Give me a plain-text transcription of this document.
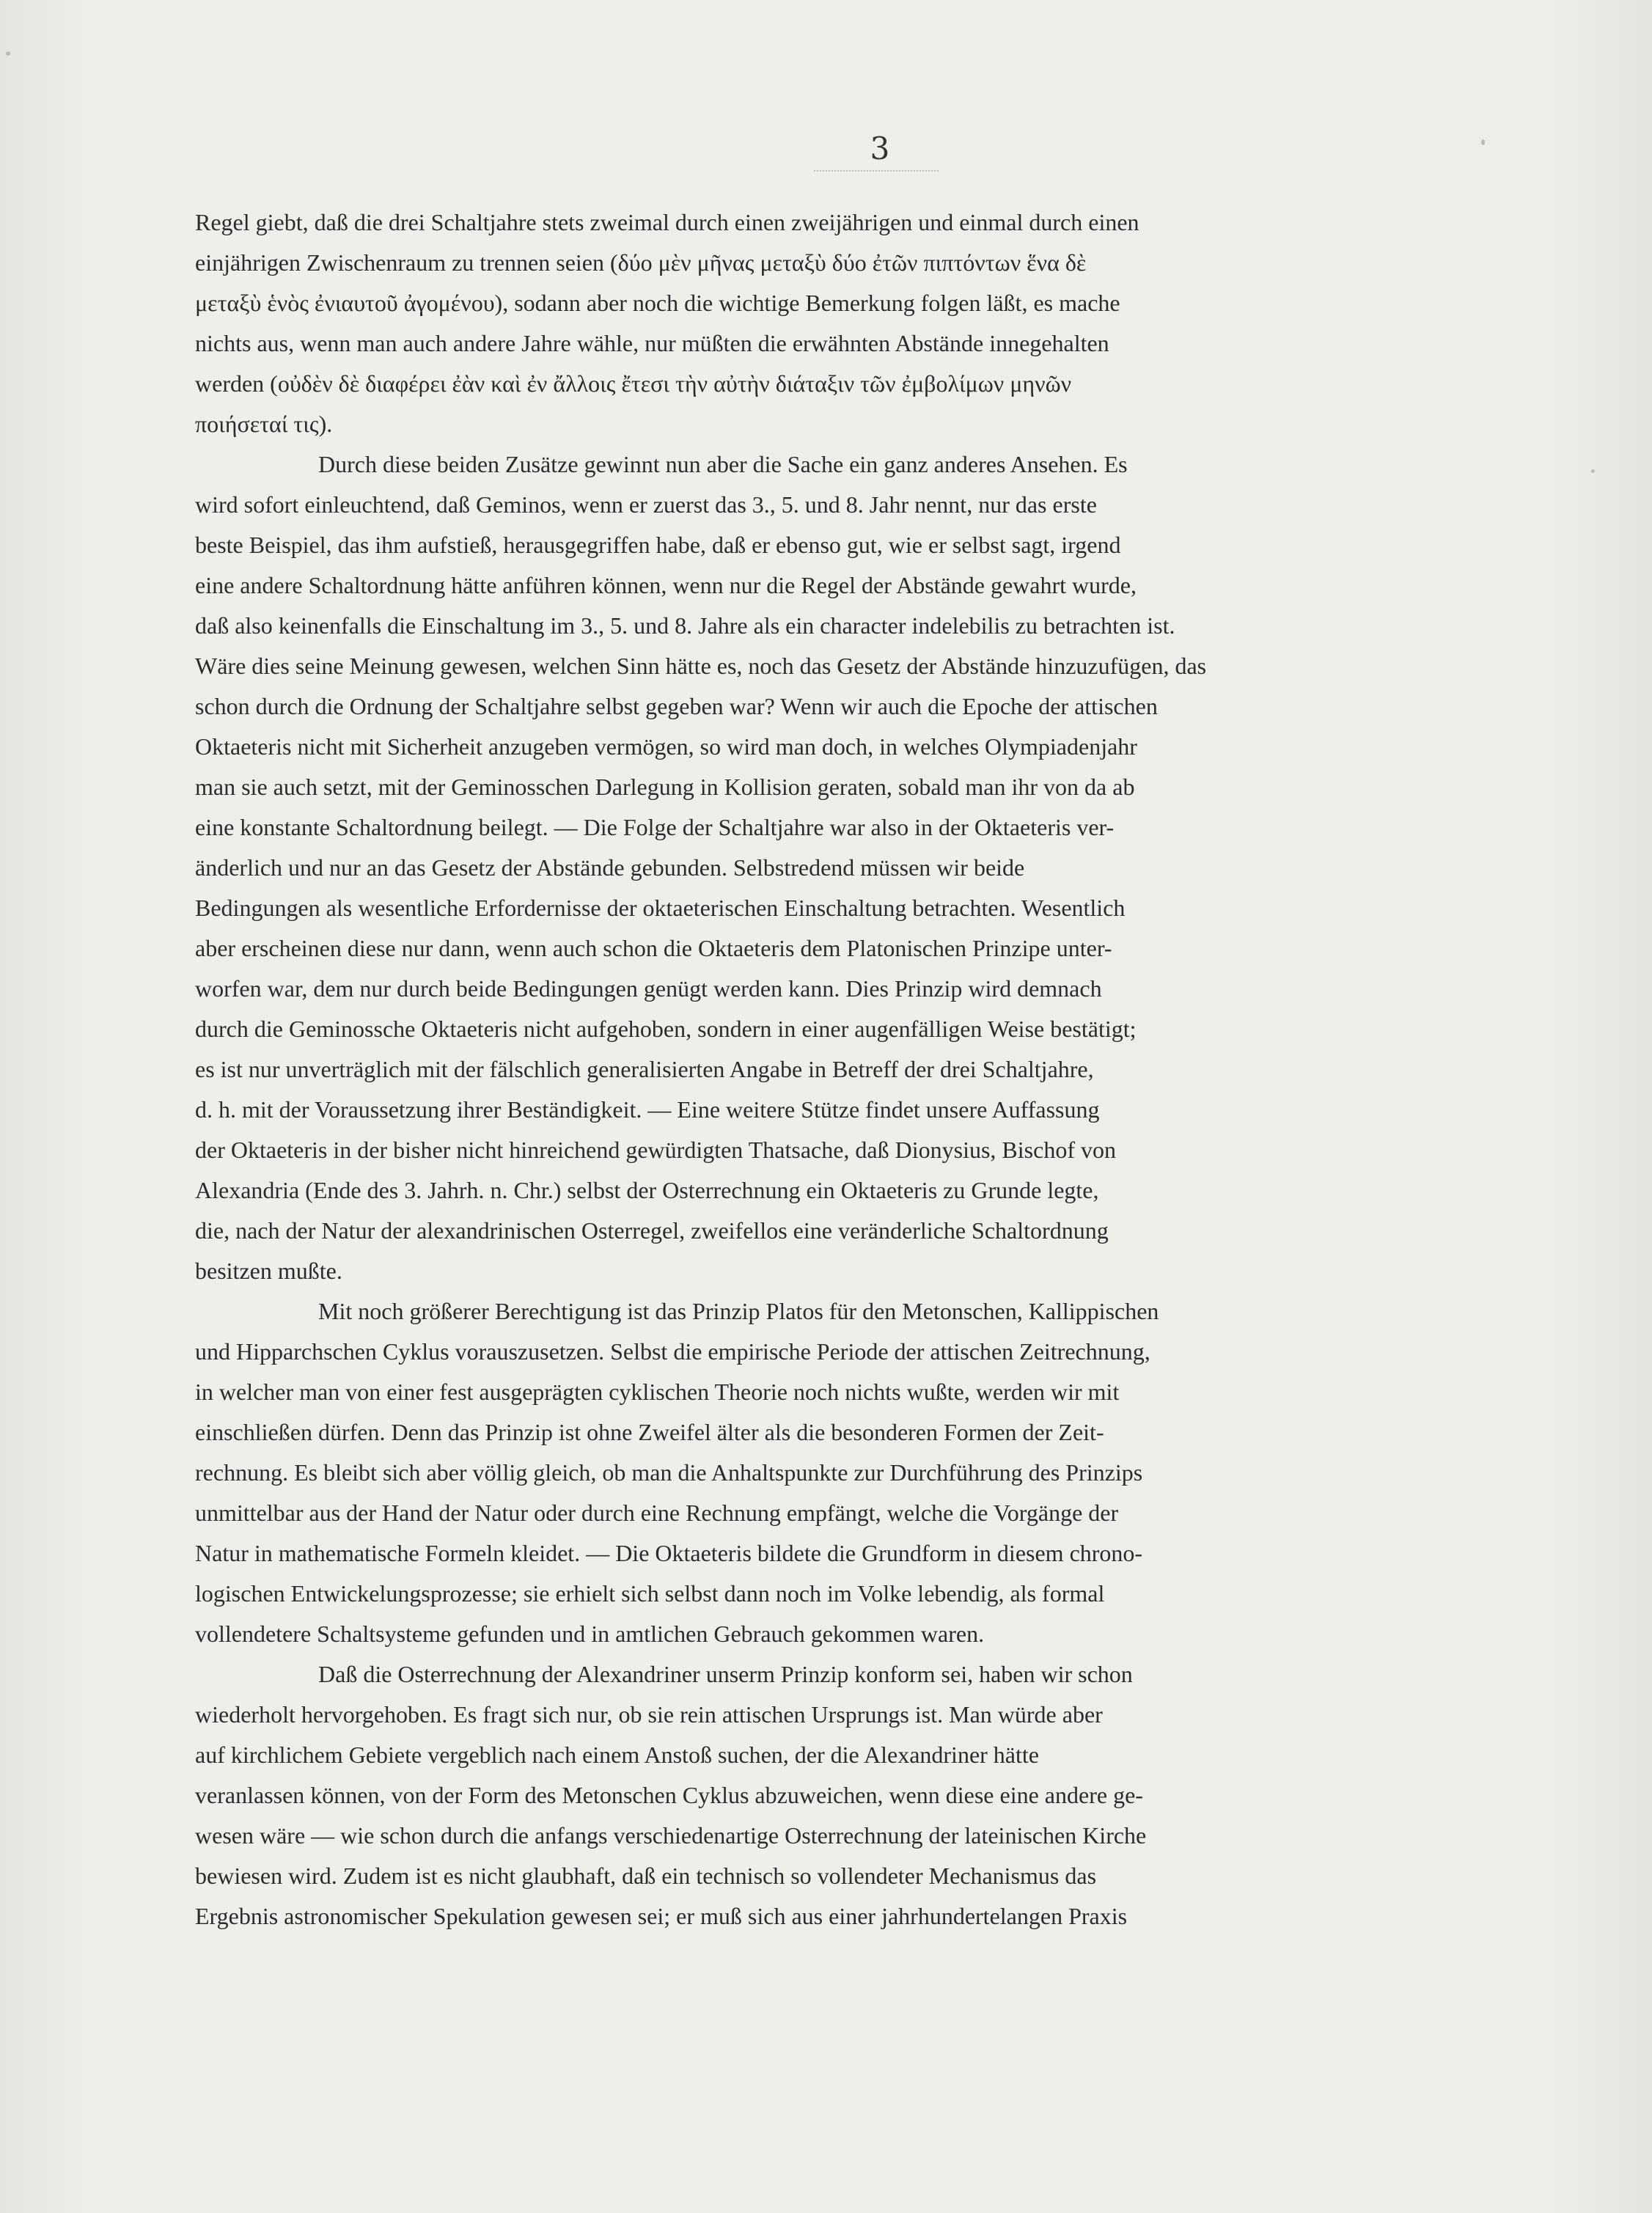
3

Regel giebt, daß die drei Schaltjahre stets zweimal durch einen zweijährigen und einmal durch einen
einjährigen Zwischenraum zu trennen seien (δύο μὲν μῆνας μεταξὺ δύο ἐτῶν πιπτόντων ἕνα δὲ
μεταξὺ ἑνὸς ἐνιαυτοῦ ἀγομένου), sodann aber noch die wichtige Bemerkung folgen läßt, es mache
nichts aus, wenn man auch andere Jahre wähle, nur müßten die erwähnten Abstände innegehalten
werden (οὐδὲν δὲ διαφέρει ἐὰν καὶ ἐν ἄλλοις ἔτεσι τὴν αὐτὴν διάταξιν τῶν ἐμβολίμων μηνῶν
ποιήσεταί τις).

Durch diese beiden Zusätze gewinnt nun aber die Sache ein ganz anderes Ansehen. Es
wird sofort einleuchtend, daß Geminos, wenn er zuerst das 3., 5. und 8. Jahr nennt, nur das erste
beste Beispiel, das ihm aufstieß, herausgegriffen habe, daß er ebenso gut, wie er selbst sagt, irgend
eine andere Schaltordnung hätte anführen können, wenn nur die Regel der Abstände gewahrt wurde,
daß also keinenfalls die Einschaltung im 3., 5. und 8. Jahre als ein character indelebilis zu betrachten ist.
Wäre dies seine Meinung gewesen, welchen Sinn hätte es, noch das Gesetz der Abstände hinzuzufügen, das
schon durch die Ordnung der Schaltjahre selbst gegeben war? Wenn wir auch die Epoche der attischen
Oktaeteris nicht mit Sicherheit anzugeben vermögen, so wird man doch, in welches Olympiadenjahr
man sie auch setzt, mit der Geminosschen Darlegung in Kollision geraten, sobald man ihr von da ab
eine konstante Schaltordnung beilegt. — Die Folge der Schaltjahre war also in der Oktaeteris ver-
änderlich und nur an das Gesetz der Abstände gebunden. Selbstredend müssen wir beide
Bedingungen als wesentliche Erfordernisse der oktaeterischen Einschaltung betrachten. Wesentlich
aber erscheinen diese nur dann, wenn auch schon die Oktaeteris dem Platonischen Prinzipe unter-
worfen war, dem nur durch beide Bedingungen genügt werden kann. Dies Prinzip wird demnach
durch die Geminossche Oktaeteris nicht aufgehoben, sondern in einer augenfälligen Weise bestätigt;
es ist nur unverträglich mit der fälschlich generalisierten Angabe in Betreff der drei Schaltjahre,
d. h. mit der Voraussetzung ihrer Beständigkeit. — Eine weitere Stütze findet unsere Auffassung
der Oktaeteris in der bisher nicht hinreichend gewürdigten Thatsache, daß Dionysius, Bischof von
Alexandria (Ende des 3. Jahrh. n. Chr.) selbst der Osterrechnung ein Oktaeteris zu Grunde legte,
die, nach der Natur der alexandrinischen Osterregel, zweifellos eine veränderliche Schaltordnung
besitzen mußte.

Mit noch größerer Berechtigung ist das Prinzip Platos für den Metonschen, Kallippischen
und Hipparchschen Cyklus vorauszusetzen. Selbst die empirische Periode der attischen Zeitrechnung,
in welcher man von einer fest ausgeprägten cyklischen Theorie noch nichts wußte, werden wir mit
einschließen dürfen. Denn das Prinzip ist ohne Zweifel älter als die besonderen Formen der Zeit-
rechnung. Es bleibt sich aber völlig gleich, ob man die Anhaltspunkte zur Durchführung des Prinzips
unmittelbar aus der Hand der Natur oder durch eine Rechnung empfängt, welche die Vorgänge der
Natur in mathematische Formeln kleidet. — Die Oktaeteris bildete die Grundform in diesem chrono-
logischen Entwickelungsprozesse; sie erhielt sich selbst dann noch im Volke lebendig, als formal
vollendetere Schaltsysteme gefunden und in amtlichen Gebrauch gekommen waren.

Daß die Osterrechnung der Alexandriner unserm Prinzip konform sei, haben wir schon
wiederholt hervorgehoben. Es fragt sich nur, ob sie rein attischen Ursprungs ist. Man würde aber
auf kirchlichem Gebiete vergeblich nach einem Anstoß suchen, der die Alexandriner hätte
veranlassen können, von der Form des Metonschen Cyklus abzuweichen, wenn diese eine andere ge-
wesen wäre — wie schon durch die anfangs verschiedenartige Osterrechnung der lateinischen Kirche
bewiesen wird. Zudem ist es nicht glaubhaft, daß ein technisch so vollendeter Mechanismus das
Ergebnis astronomischer Spekulation gewesen sei; er muß sich aus einer jahrhundertelangen Praxis
